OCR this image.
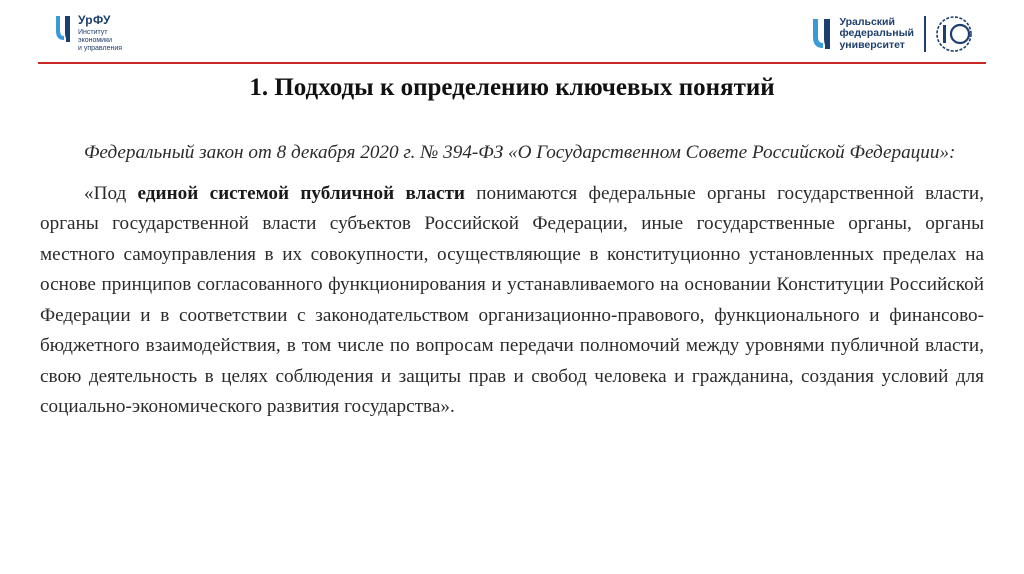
УрФУ
Институт
экономики
и управления
Уральский
федеральный
университет
1. Подходы к определению ключевых понятий

Федеральный закон от 8 декабря 2020 г. № 394-ФЗ «О Государственном Совете Российской Федерации»:

«Под единой системой публичной власти понимаются федеральные органы государственной власти, органы государственной власти субъектов Российской Федерации, иные государственные органы, органы местного самоуправления в их совокупности, осуществляющие в конституционно установленных пределах на основе принципов согласованного функционирования и устанавливаемого на основании Конституции Российской Федерации и в соответствии с законодательством организационно-правового, функционального и финансово-бюджетного взаимодействия, в том числе по вопросам передачи полномочий между уровнями публичной власти, свою деятельность в целях соблюдения и защиты прав и свобод человека и гражданина, создания условий для социально-экономического развития государства».
